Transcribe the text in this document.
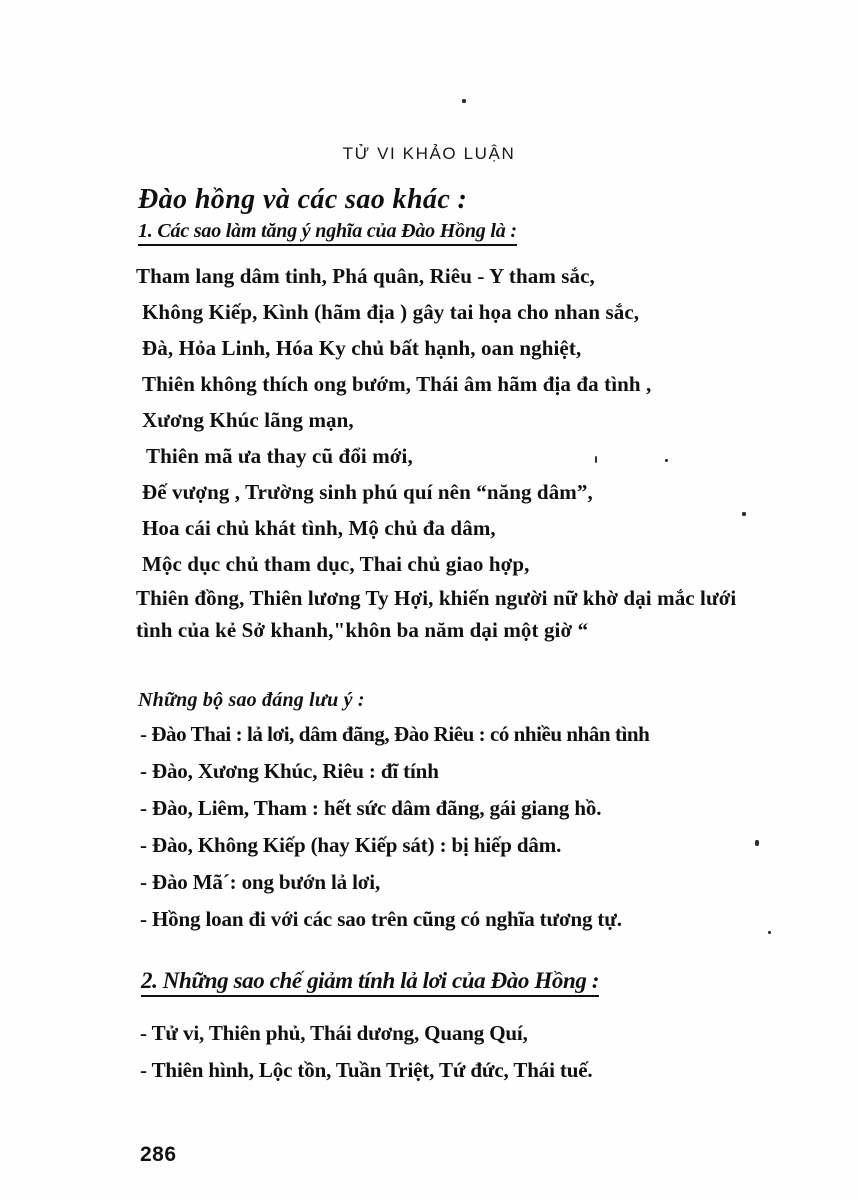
TỬ VI KHẢO LUẬN
Đào hồng và các sao khác :
1. Các sao làm tăng ý nghĩa của Đào Hồng là :
Tham lang dâm tinh, Phá quân, Riêu - Y tham sắc,
Không Kiếp, Kình (hãm địa ) gây tai họa cho nhan sắc,
Đà, Hỏa Linh, Hóa Ky chủ bất hạnh, oan nghiệt,
Thiên không thích ong bướm, Thái âm hãm địa đa tình ,
Xương Khúc lãng mạn,
Thiên mã ưa thay cũ đổi mới,
Đế vượng , Trường sinh phú quí nên “năng dâm”,
Hoa cái chủ khát tình, Mộ chủ đa dâm,
Mộc dục chủ tham dục, Thai chủ giao hợp,

Thiên đồng, Thiên lương Ty Hợi, khiến người nữ khờ dại mắc lưới tình của kẻ Sở khanh,"khôn ba năm dại một giờ “

Những bộ sao đáng lưu ý :
- Đào Thai : lả lơi, dâm đãng, Đào Riêu : có nhiều nhân tình
- Đào, Xương Khúc, Riêu : đĩ tính
- Đào, Liêm, Tham : hết sức dâm đãng, gái giang hồ.
- Đào, Không Kiếp (hay Kiếp sát) : bị hiếp dâm.
- Đào Mã´: ong bướn lả lơi,
- Hồng loan đi với các sao trên cũng có nghĩa tương tự.
2. Những sao chế giảm tính lả lơi của Đào Hồng :
- Tử vi, Thiên phủ, Thái dương, Quang Quí,
- Thiên hình, Lộc tồn, Tuần Triệt, Tứ đức, Thái tuế.
286
